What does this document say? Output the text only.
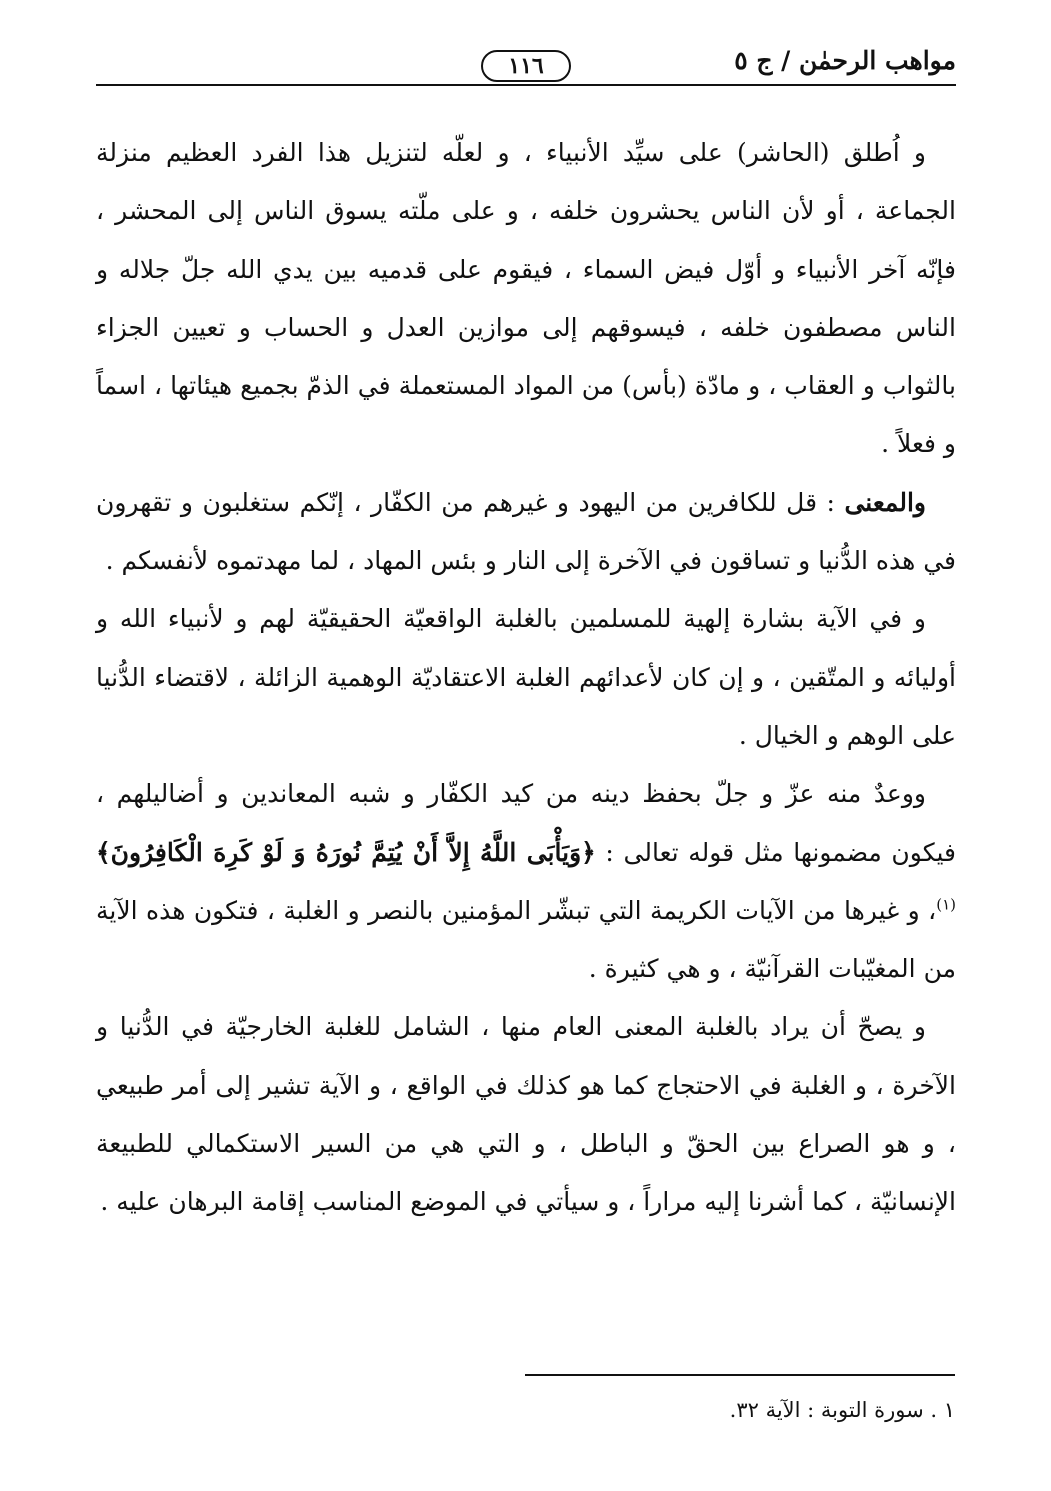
مواهب الرحمٰن / ج ٥
١١٦

و اُطلق (الحاشر) على سيِّد الأنبياء ، و لعلّه لتنزيل هذا الفرد العظيم منزلة الجماعة ، أو لأن الناس يحشرون خلفه ، و على ملّته يسوق الناس إلى المحشر ، فإنّه آخر الأنبياء و أوّل فيض السماء ، فيقوم على قدميه بين يدي الله جلّ جلاله و الناس مصطفون خلفه ، فيسوقهم إلى موازين العدل و الحساب و تعيين الجزاء بالثواب و العقاب ، و مادّة (بأس) من المواد المستعملة في الذمّ بجميع هيئاتها ، اسماً و فعلاً .

والمعنى : قل للكافرين من اليهود و غيرهم من الكفّار ، إنّكم ستغلبون و تقهرون في هذه الدُّنيا و تساقون في الآخرة إلى النار و بئس المهاد ، لما مهدتموه لأنفسكم .

و في الآية بشارة إلهية للمسلمين بالغلبة الواقعيّة الحقيقيّة لهم و لأنبياء الله و أوليائه و المتّقين ، و إن كان لأعدائهم الغلبة الاعتقاديّة الوهمية الزائلة ، لاقتضاء الدُّنيا على الوهم و الخيال .

ووعدٌ منه عزّ و جلّ بحفظ دينه من كيد الكفّار و شبه المعاندين و أضاليلهم ، فيكون مضمونها مثل قوله تعالى : ﴿وَيَأْبَى اللَّهُ إِلاَّ أَنْ يُتِمَّ نُورَهُ وَ لَوْ كَرِهَ الْكَافِرُونَ﴾$^{(١)}$، و غيرها من الآيات الكريمة التي تبشّر المؤمنين بالنصر و الغلبة ، فتكون هذه الآية من المغيّبات القرآنيّة ، و هي كثيرة .

و يصحّ أن يراد بالغلبة المعنى العام منها ، الشامل للغلبة الخارجيّة في الدُّنيا و الآخرة ، و الغلبة في الاحتجاج كما هو كذلك في الواقع ، و الآية تشير إلى أمر طبيعي ، و هو الصراع بين الحقّ و الباطل ، و التي هي من السير الاستكمالي للطبيعة الإنسانيّة ، كما أشرنا إليه مراراً ، و سيأتي في الموضع المناسب إقامة البرهان عليه .

١ . سورة التوبة : الآية ٣٢.
